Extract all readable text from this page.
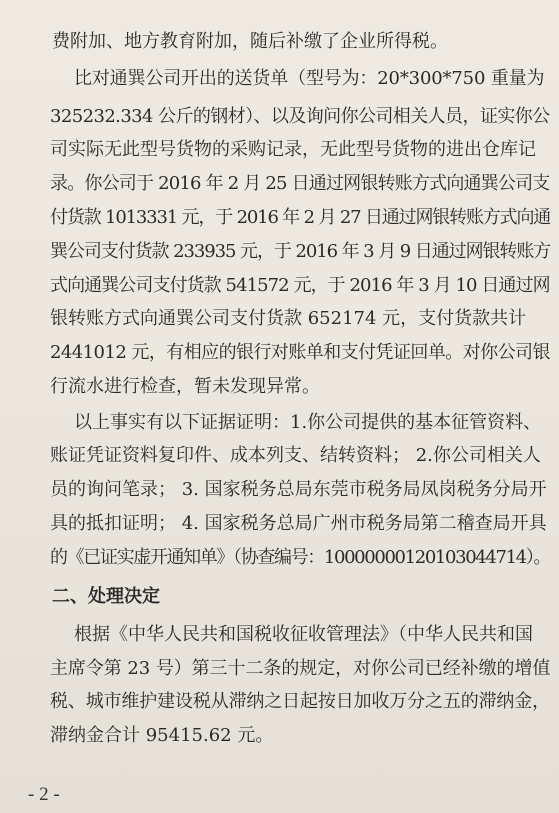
费附加、地方教育附加，随后补缴了企业所得税。
比对通巽公司开出的送货单（型号为：20*300*750 重量为
325232.334 公斤的钢材）、以及询问你公司相关人员，证实你公
司实际无此型号货物的采购记录，无此型号货物的进出仓库记
录。你公司于 2016 年 2 月 25 日通过网银转账方式向通巽公司支
付货款 1013331 元，于 2016 年 2 月 27 日通过网银转账方式向通
巽公司支付货款 233935 元，于 2016 年 3 月 9 日通过网银转账方
式向通巽公司支付货款 541572 元，于 2016 年 3 月 10 日通过网
银转账方式向通巽公司支付货款 652174 元，支付货款共计
2441012 元，有相应的银行对账单和支付凭证回单。对你公司银
行流水进行检查，暂未发现异常。
以上事实有以下证据证明：1.你公司提供的基本征管资料、
账证凭证资料复印件、成本列支、结转资料； 2.你公司相关人
员的询问笔录； 3. 国家税务总局东莞市税务局凤岗税务分局开
具的抵扣证明； 4. 国家税务总局广州市税务局第二稽查局开具
的《已证实虚开通知单》（协查编号：10000000120103044714）。
二、处理决定
根据《中华人民共和国税收征收管理法》（中华人民共和国
主席令第 23 号）第三十二条的规定，对你公司已经补缴的增值
税、城市维护建设税从滞纳之日起按日加收万分之五的滞纳金，
滞纳金合计 95415.62 元。
- 2 -
